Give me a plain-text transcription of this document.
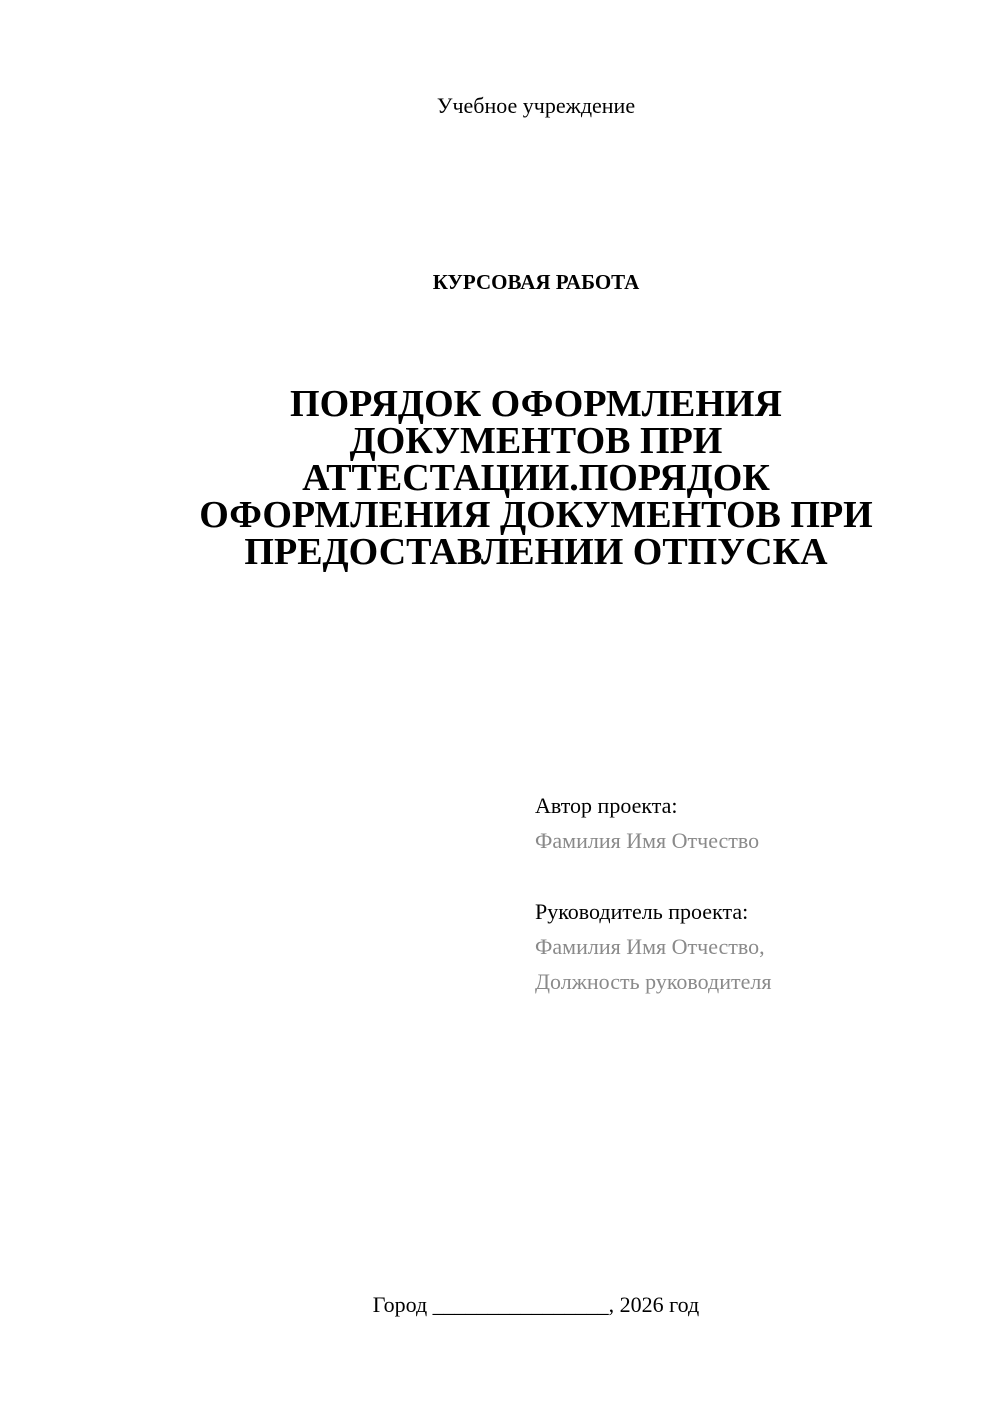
Учебное учреждение
КУРСОВАЯ РАБОТА
ПОРЯДОК ОФОРМЛЕНИЯ
ДОКУМЕНТОВ ПРИ
АТТЕСТАЦИИ.ПОРЯДОК
ОФОРМЛЕНИЯ ДОКУМЕНТОВ ПРИ
ПРЕДОСТАВЛЕНИИ ОТПУСКА
Автор проекта:
Фамилия Имя Отчество
Руководитель проекта:
Фамилия Имя Отчество,
Должность руководителя
Город ________________, 2026 год
